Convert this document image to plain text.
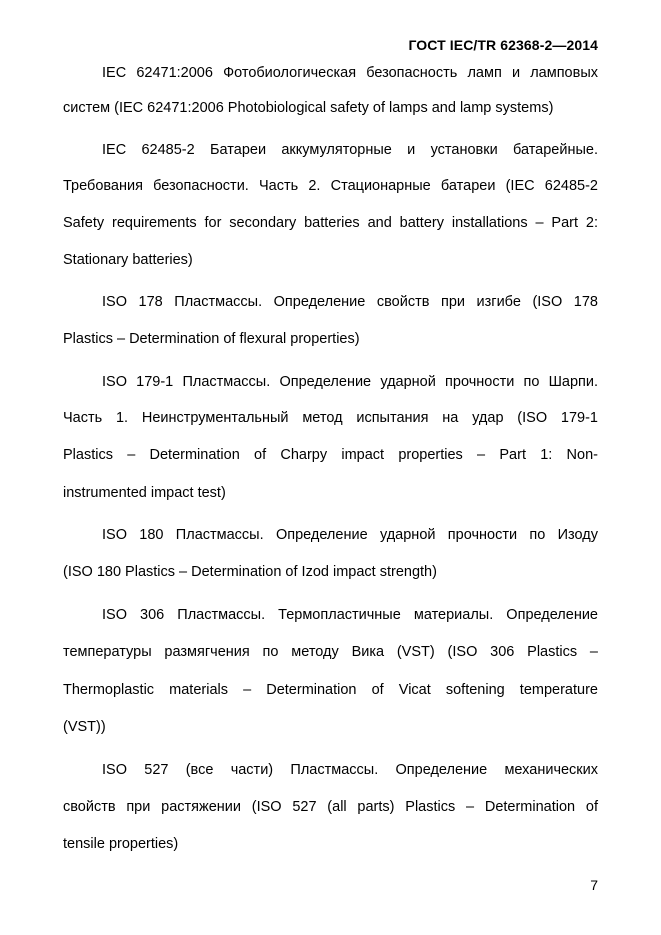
ГОСТ IEC/TR 62368-2—2014
IEC 62471:2006 Фотобиологическая безопасность ламп и ламповых
систем (IEC 62471:2006 Photobiological safety of lamps and lamp systems)
IEC 62485-2 Батареи аккумуляторные и установки батарейные.
Требования безопасности. Часть 2. Стационарные батареи (IEC 62485-2
Safety requirements for secondary batteries and battery installations – Part 2:
Stationary batteries)
ISO 178 Пластмассы. Определение свойств при изгибе (ISO 178
Plastics – Determination of flexural properties)
ISO 179-1 Пластмассы. Определение ударной прочности по Шарпи.
Часть 1. Неинструментальный метод испытания на удар (ISO 179-1
Plastics – Determination of Charpy impact properties – Part 1: Non-
instrumented impact test)
ISO 180 Пластмассы. Определение ударной прочности по Изоду
(ISO 180 Plastics – Determination of Izod impact strength)
ISO 306 Пластмассы. Термопластичные материалы. Определение
температуры размягчения по методу Вика (VST) (ISO 306 Plastics –
Thermoplastic materials – Determination of Vicat softening temperature
(VST))
ISO 527 (все части) Пластмассы. Определение механических
свойств при растяжении (ISO 527 (all parts) Plastics – Determination of
tensile properties)
7
